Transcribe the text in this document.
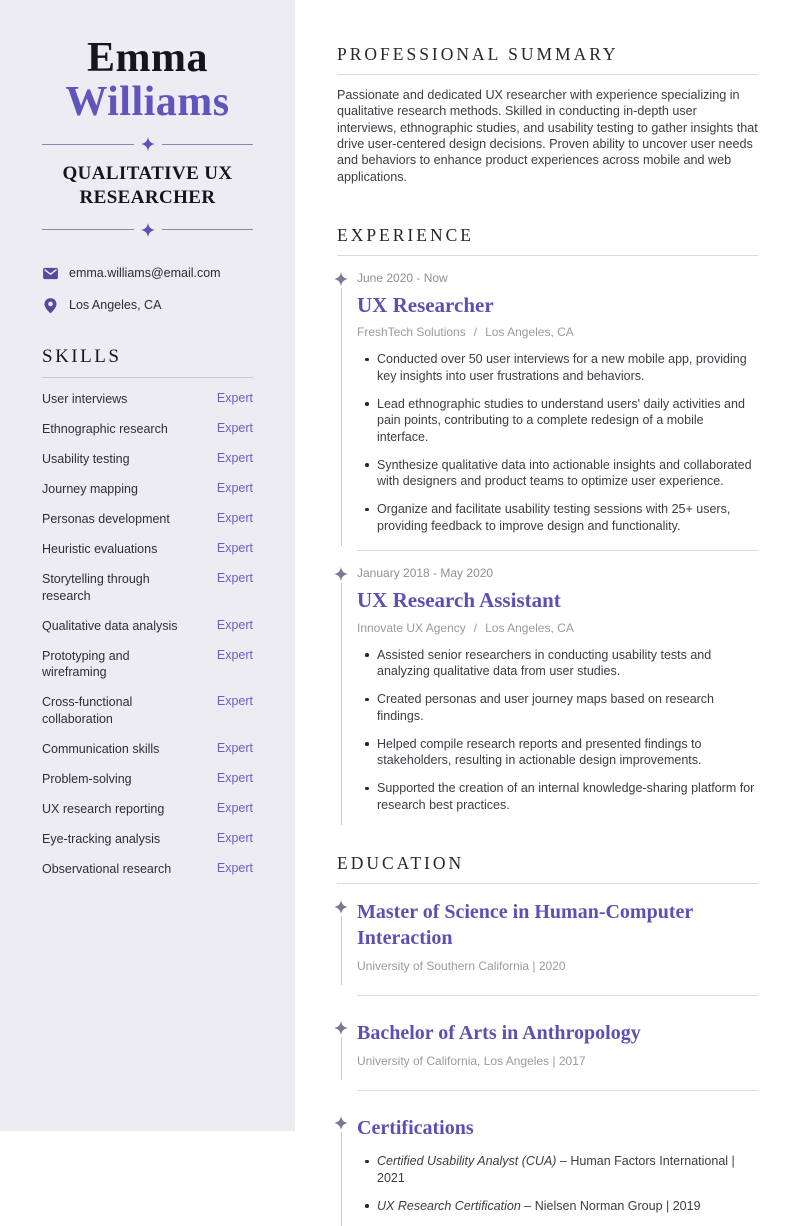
Emma
Williams
QUALITATIVE UX RESEARCHER
emma.williams@email.com
Los Angeles, CA
SKILLS
User interviews	Expert
Ethnographic research	Expert
Usability testing	Expert
Journey mapping	Expert
Personas development	Expert
Heuristic evaluations	Expert
Storytelling through research
Expert
Qualitative data analysis	Expert
Prototyping and wireframing
Expert
Cross-functional collaboration
Expert
Communication skills	Expert
Problem-solving	Expert
UX research reporting	Expert
Eye-tracking analysis	Expert
Observational research	Expert
PROFESSIONAL SUMMARY

Passionate and dedicated UX researcher with experience specializing in qualitative research methods. Skilled in conducting in-depth user interviews, ethnographic studies, and usability testing to gather insights that drive user-centered design decisions. Proven ability to uncover user needs and behaviors to enhance product experiences across mobile and web applications.

EXPERIENCE
June 2020 - Now
UX Researcher
FreshTech Solutions / Los Angeles, CA
Conducted over 50 user interviews for a new mobile app, providing key insights into user frustrations and behaviors.
Lead ethnographic studies to understand users' daily activities and pain points, contributing to a complete redesign of a mobile interface.
Synthesize qualitative data into actionable insights and collaborated with designers and product teams to optimize user experience.
Organize and facilitate usability testing sessions with 25+ users, providing feedback to improve design and functionality.
January 2018 - May 2020
UX Research Assistant
Innovate UX Agency / Los Angeles, CA
Assisted senior researchers in conducting usability tests and analyzing qualitative data from user studies.
Created personas and user journey maps based on research findings.
Helped compile research reports and presented findings to stakeholders, resulting in actionable design improvements.
Supported the creation of an internal knowledge-sharing platform for research best practices.
EDUCATION
Master of Science in Human-Computer Interaction
University of Southern California | 2020
Bachelor of Arts in Anthropology
University of California, Los Angeles | 2017
Certifications
Certified Usability Analyst (CUA) – Human Factors International | 2021
UX Research Certification – Nielsen Norman Group | 2019
